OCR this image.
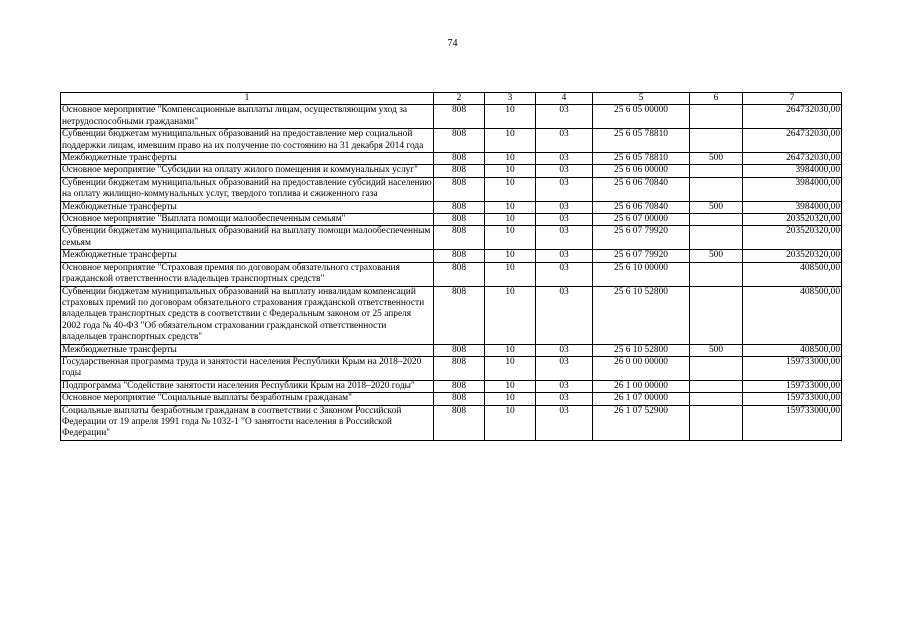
74
1	2	3	4	5	6	7
Основное мероприятие "Компенсационные выплаты лицам, осуществляющим уход за нетрудоспособными гражданами"	808	10	03	25 6 05 00000		264732030,00
Субвенции бюджетам муниципальных образований на предоставление мер социальной поддержки лицам, имевшим право на их получение по состоянию на 31 декабря 2014 года	808	10	03	25 6 05 78810		264732030,00
Межбюджетные трансферты	808	10	03	25 6 05 78810	500	264732030,00
Основное мероприятие "Субсидии на оплату жилого помещения и коммунальных услуг"	808	10	03	25 6 06 00000		3984000,00
Субвенции бюджетам муниципальных образований на предоставление субсидий населению на оплату жилищно-коммунальных услуг, твердого топлива и сжиженного газа	808	10	03	25 6 06 70840		3984000,00
Межбюджетные трансферты	808	10	03	25 6 06 70840	500	3984000,00
Основное мероприятие "Выплата помощи малообеспеченным семьям"	808	10	03	25 6 07 00000		203520320,00
Субвенции бюджетам муниципальных образований на выплату помощи малообеспеченным семьям	808	10	03	25 6 07 79920		203520320,00
Межбюджетные трансферты	808	10	03	25 6 07 79920	500	203520320,00
Основное мероприятие "Страховая премия по договорам обязательного страхования гражданской ответственности владельцев транспортных средств"	808	10	03	25 6 10 00000		408500,00
Субвенции бюджетам муниципальных образований на выплату инвалидам компенсаций страховых премий по договорам обязательного страхования гражданской ответственности владельцев транспортных средств в соответствии с Федеральным законом от 25 апреля 2002 года № 40-ФЗ "Об обязательном страховании гражданской ответственности владельцев транспортных средств"	808	10	03	25 6 10 52800		408500,00
Межбюджетные трансферты	808	10	03	25 6 10 52800	500	408500,00
Государственная программа труда и занятости населения Республики Крым на 2018–2020 годы	808	10	03	26 0 00 00000		159733000,00
Подпрограмма "Содействие занятости населения Республики Крым на 2018–2020 годы"	808	10	03	26 1 00 00000		159733000,00
Основное мероприятие "Социальные выплаты безработным гражданам"	808	10	03	26 1 07 00000		159733000,00
Социальные выплаты безработным гражданам в соответствии с Законом Российской Федерации от 19 апреля 1991 года № 1032-1 "О занятости населения в Российской Федерации"	808	10	03	26 1 07 52900		159733000,00
